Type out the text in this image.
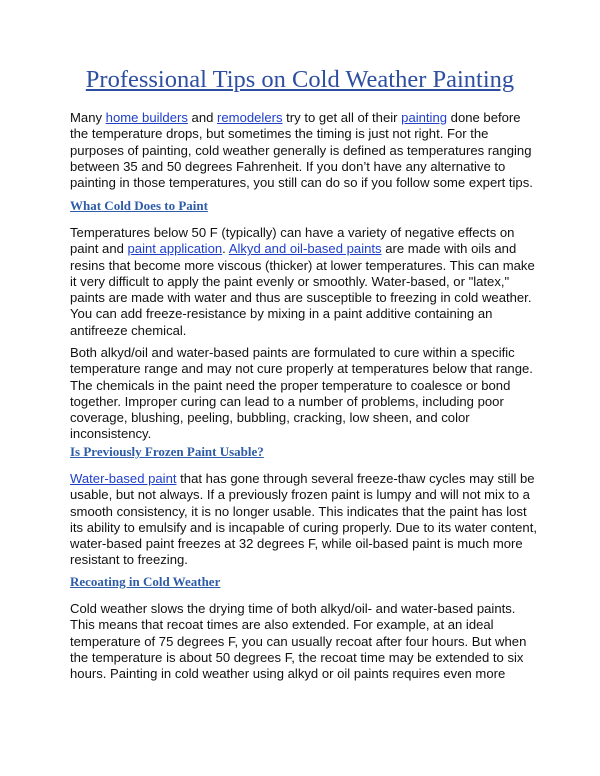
Professional Tips on Cold Weather Painting

Many home builders and remodelers try to get all of their painting done before the temperature drops, but sometimes the timing is just not right. For the purposes of painting, cold weather generally is defined as temperatures ranging between 35 and 50 degrees Fahrenheit. If you don’t have any alternative to painting in those temperatures, you still can do so if you follow some expert tips.

What Cold Does to Paint

Temperatures below 50 F (typically) can have a variety of negative effects on paint and paint application. Alkyd and oil-based paints are made with oils and resins that become more viscous (thicker) at lower temperatures. This can make it very difficult to apply the paint evenly or smoothly. Water-based, or "latex," paints are made with water and thus are susceptible to freezing in cold weather. You can add freeze-resistance by mixing in a paint additive containing an antifreeze chemical.

Both alkyd/oil and water-based paints are formulated to cure within a specific temperature range and may not cure properly at temperatures below that range. The chemicals in the paint need the proper temperature to coalesce or bond together. Improper curing can lead to a number of problems, including poor coverage, blushing, peeling, bubbling, cracking, low sheen, and color inconsistency.

Is Previously Frozen Paint Usable?

Water-based paint that has gone through several freeze-thaw cycles may still be usable, but not always. If a previously frozen paint is lumpy and will not mix to a smooth consistency, it is no longer usable. This indicates that the paint has lost its ability to emulsify and is incapable of curing properly. Due to its water content, water-based paint freezes at 32 degrees F, while oil-based paint is much more resistant to freezing.

Recoating in Cold Weather

Cold weather slows the drying time of both alkyd/oil- and water-based paints. This means that recoat times are also extended. For example, at an ideal temperature of 75 degrees F, you can usually recoat after four hours. But when the temperature is about 50 degrees F, the recoat time may be extended to six hours. Painting in cold weather using alkyd or oil paints requires even more
